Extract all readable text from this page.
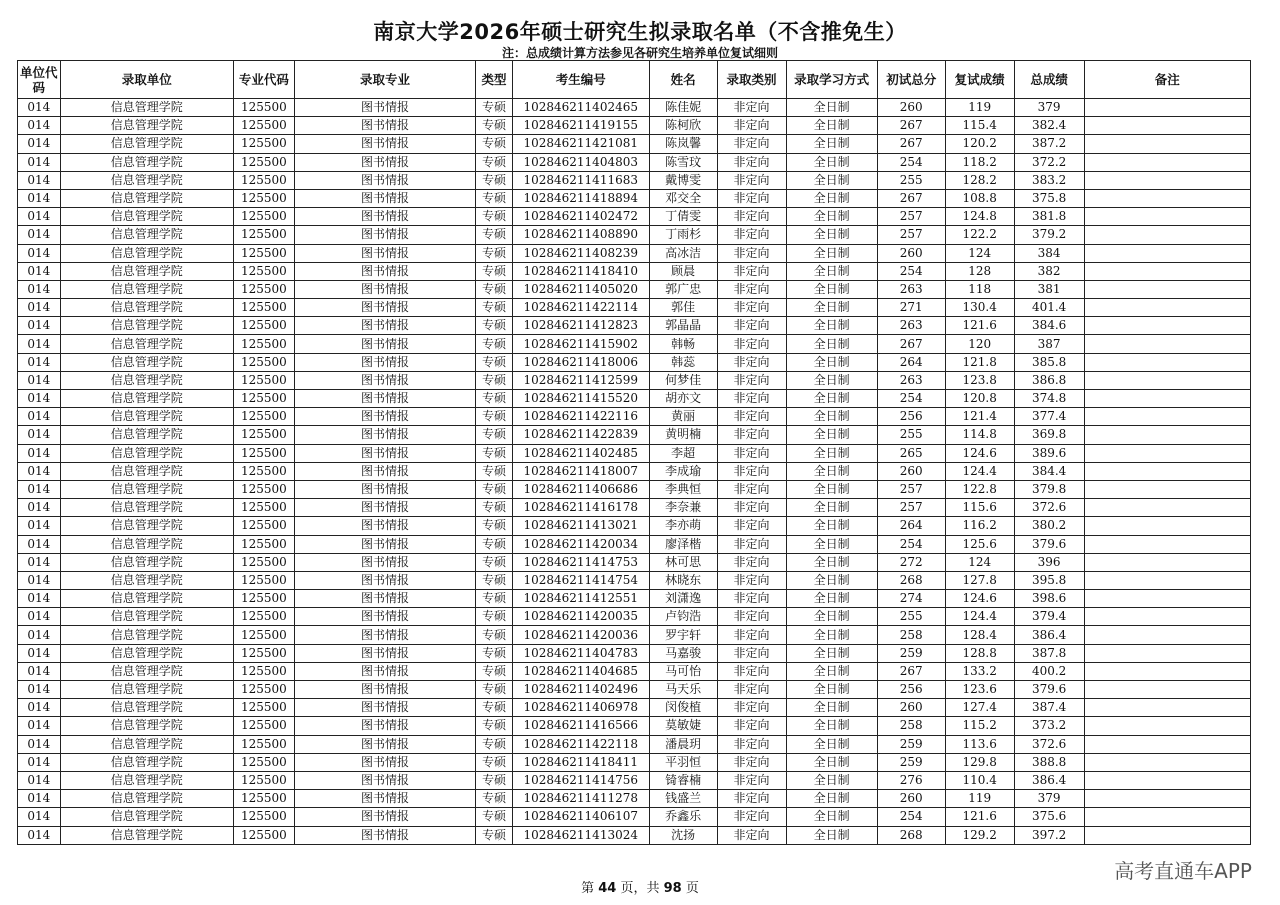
南京大学2026年硕士研究生拟录取名单（不含推免生）
注：总成绩计算方法参见各研究生培养单位复试细则
单位代码	录取单位	专业代码	录取专业	类型	考生编号	姓名	录取类别	录取学习方式	初试总分	复试成绩	总成绩	备注
014	信息管理学院	125500	图书情报	专硕	102846211402465	陈佳妮	非定向	全日制	260	119	379	
014	信息管理学院	125500	图书情报	专硕	102846211419155	陈柯欣	非定向	全日制	267	115.4	382.4	
014	信息管理学院	125500	图书情报	专硕	102846211421081	陈岚馨	非定向	全日制	267	120.2	387.2	
014	信息管理学院	125500	图书情报	专硕	102846211404803	陈雪玟	非定向	全日制	254	118.2	372.2	
014	信息管理学院	125500	图书情报	专硕	102846211411683	戴博雯	非定向	全日制	255	128.2	383.2	
014	信息管理学院	125500	图书情报	专硕	102846211418894	邓交全	非定向	全日制	267	108.8	375.8	
014	信息管理学院	125500	图书情报	专硕	102846211402472	丁倩雯	非定向	全日制	257	124.8	381.8	
014	信息管理学院	125500	图书情报	专硕	102846211408890	丁雨杉	非定向	全日制	257	122.2	379.2	
014	信息管理学院	125500	图书情报	专硕	102846211408239	高冰洁	非定向	全日制	260	124	384	
014	信息管理学院	125500	图书情报	专硕	102846211418410	顾晨	非定向	全日制	254	128	382	
014	信息管理学院	125500	图书情报	专硕	102846211405020	郭广忠	非定向	全日制	263	118	381	
014	信息管理学院	125500	图书情报	专硕	102846211422114	郭佳	非定向	全日制	271	130.4	401.4	
014	信息管理学院	125500	图书情报	专硕	102846211412823	郭晶晶	非定向	全日制	263	121.6	384.6	
014	信息管理学院	125500	图书情报	专硕	102846211415902	韩畅	非定向	全日制	267	120	387	
014	信息管理学院	125500	图书情报	专硕	102846211418006	韩蕊	非定向	全日制	264	121.8	385.8	
014	信息管理学院	125500	图书情报	专硕	102846211412599	何梦佳	非定向	全日制	263	123.8	386.8	
014	信息管理学院	125500	图书情报	专硕	102846211415520	胡亦文	非定向	全日制	254	120.8	374.8	
014	信息管理学院	125500	图书情报	专硕	102846211422116	黄丽	非定向	全日制	256	121.4	377.4	
014	信息管理学院	125500	图书情报	专硕	102846211422839	黄明楠	非定向	全日制	255	114.8	369.8	
014	信息管理学院	125500	图书情报	专硕	102846211402485	李超	非定向	全日制	265	124.6	389.6	
014	信息管理学院	125500	图书情报	专硕	102846211418007	李成瑜	非定向	全日制	260	124.4	384.4	
014	信息管理学院	125500	图书情报	专硕	102846211406686	李典恒	非定向	全日制	257	122.8	379.8	
014	信息管理学院	125500	图书情报	专硕	102846211416178	李奈兼	非定向	全日制	257	115.6	372.6	
014	信息管理学院	125500	图书情报	专硕	102846211413021	李亦萌	非定向	全日制	264	116.2	380.2	
014	信息管理学院	125500	图书情报	专硕	102846211420034	廖泽楷	非定向	全日制	254	125.6	379.6	
014	信息管理学院	125500	图书情报	专硕	102846211414753	林可思	非定向	全日制	272	124	396	
014	信息管理学院	125500	图书情报	专硕	102846211414754	林晓东	非定向	全日制	268	127.8	395.8	
014	信息管理学院	125500	图书情报	专硕	102846211412551	刘潇逸	非定向	全日制	274	124.6	398.6	
014	信息管理学院	125500	图书情报	专硕	102846211420035	卢钧浩	非定向	全日制	255	124.4	379.4	
014	信息管理学院	125500	图书情报	专硕	102846211420036	罗宇轩	非定向	全日制	258	128.4	386.4	
014	信息管理学院	125500	图书情报	专硕	102846211404783	马嘉骏	非定向	全日制	259	128.8	387.8	
014	信息管理学院	125500	图书情报	专硕	102846211404685	马可怡	非定向	全日制	267	133.2	400.2	
014	信息管理学院	125500	图书情报	专硕	102846211402496	马天乐	非定向	全日制	256	123.6	379.6	
014	信息管理学院	125500	图书情报	专硕	102846211406978	闵俊植	非定向	全日制	260	127.4	387.4	
014	信息管理学院	125500	图书情报	专硕	102846211416566	莫敏婕	非定向	全日制	258	115.2	373.2	
014	信息管理学院	125500	图书情报	专硕	102846211422118	潘晨玥	非定向	全日制	259	113.6	372.6	
014	信息管理学院	125500	图书情报	专硕	102846211418411	平羽恒	非定向	全日制	259	129.8	388.8	
014	信息管理学院	125500	图书情报	专硕	102846211414756	锜睿楠	非定向	全日制	276	110.4	386.4	
014	信息管理学院	125500	图书情报	专硕	102846211411278	钱盛兰	非定向	全日制	260	119	379	
014	信息管理学院	125500	图书情报	专硕	102846211406107	乔鑫乐	非定向	全日制	254	121.6	375.6	
014	信息管理学院	125500	图书情报	专硕	102846211413024	沈扬	非定向	全日制	268	129.2	397.2	
第 44 页，共 98 页
高考直通车APP
